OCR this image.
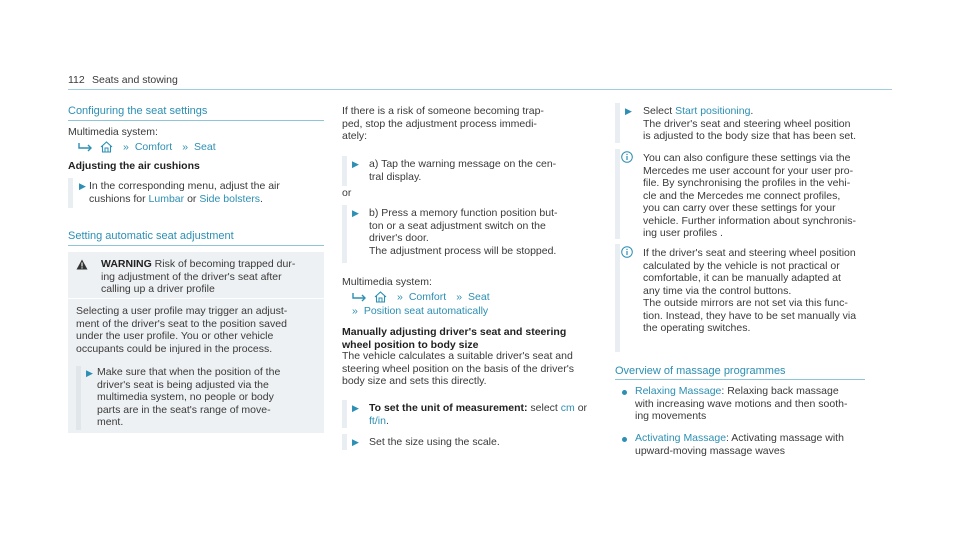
112 Seats and stowing
Configuring the seat settings
Multimedia system:
» Comfort » Seat
Adjusting the air cushions
▶ In the corresponding menu, adjust the air
cushions for Lumbar or Side bolsters.
Setting automatic seat adjustment
WARNING Risk of becoming trapped dur-
ing adjustment of the driver's seat after
calling up a driver profile
Selecting a user profile may trigger an adjust-
ment of the driver's seat to the position saved
under the user profile. You or other vehicle
occupants could be injured in the process.
▶ Make sure that when the position of the
driver's seat is being adjusted via the
multimedia system, no people or body
parts are in the seat's range of move-
ment.
If there is a risk of someone becoming trap-
ped, stop the adjustment process immedi-
ately:
▶ a) Tap the warning message on the cen-
tral display.
or
▶ b) Press a memory function position but-
ton or a seat adjustment switch on the
driver's door.
The adjustment process will be stopped.
Multimedia system:
» Comfort » Seat
» Position seat automatically
Manually adjusting driver's seat and steering
wheel position to body size
The vehicle calculates a suitable driver's seat and
steering wheel position on the basis of the driver's
body size and sets this directly.
▶ To set the unit of measurement: select cm or
ft/in.
▶ Set the size using the scale.
▶ Select Start positioning.
The driver's seat and steering wheel position
is adjusted to the body size that has been set.
You can also configure these settings via the
Mercedes me user account for your user pro-
file. By synchronising the profiles in the vehi-
cle and the Mercedes me connect profiles,
you can carry over these settings for your
vehicle. Further information about synchronis-
ing user profiles .
If the driver's seat and steering wheel position
calculated by the vehicle is not practical or
comfortable, it can be manually adapted at
any time via the control buttons.
The outside mirrors are not set via this func-
tion. Instead, they have to be set manually via
the operating switches.
Overview of massage programmes
Relaxing Massage: Relaxing back massage
with increasing wave motions and then sooth-
ing movements
Activating Massage: Activating massage with
upward-moving massage waves
